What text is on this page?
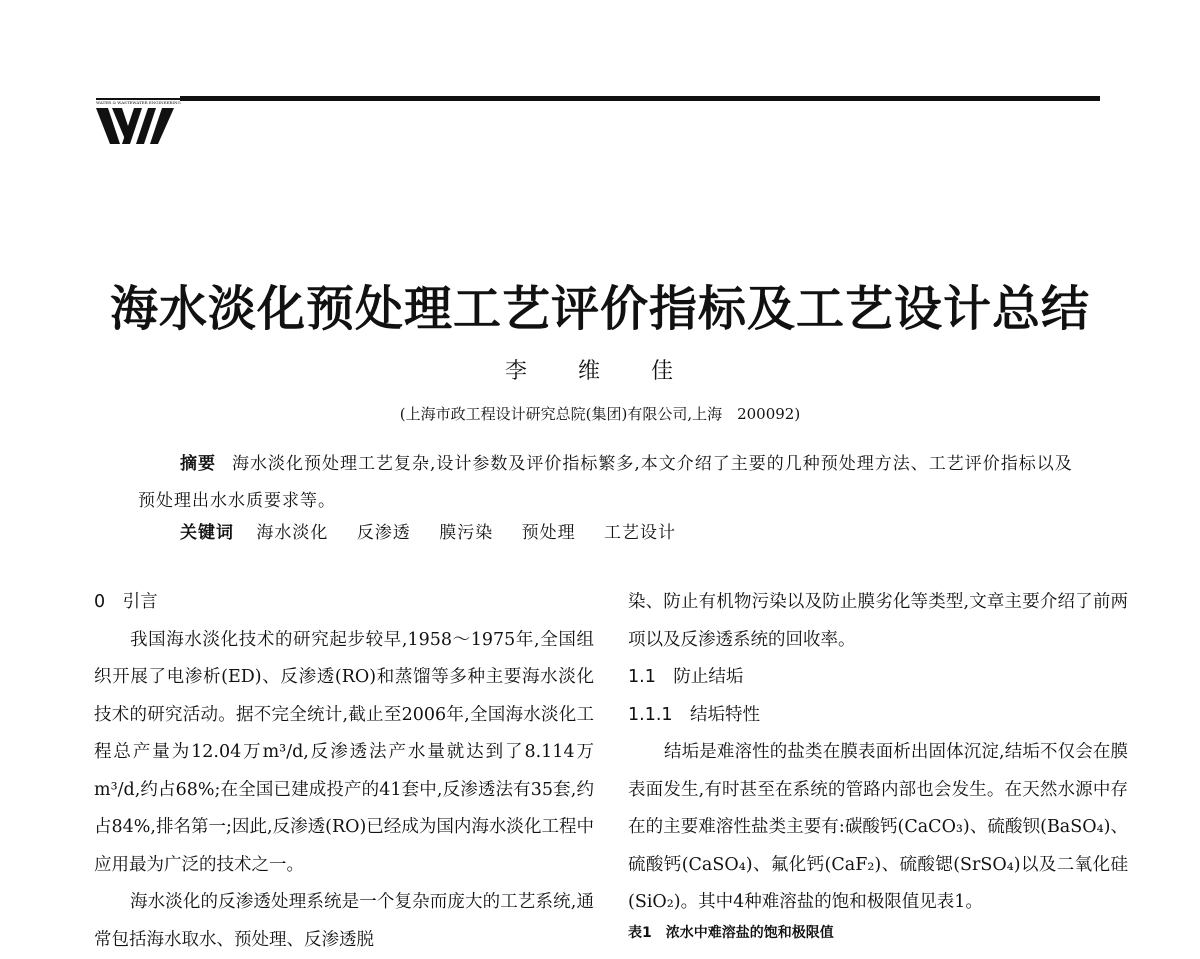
WATER & WASTEWATER ENGINEERING
海水淡化预处理工艺评价指标及工艺设计总结
李 维 佳
(上海市政工程设计研究总院(集团)有限公司,上海　200092)
摘要 海水淡化预处理工艺复杂,设计参数及评价指标繁多,本文介绍了主要的几种预处理方法、工艺评价指标以及预处理出水水质要求等。
关键词 海水淡化 反渗透 膜污染 预处理 工艺设计

0　引言

我国海水淡化技术的研究起步较早,1958～1975年,全国组织开展了电渗析(ED)、反渗透(RO)和蒸馏等多种主要海水淡化技术的研究活动。据不完全统计,截止至2006年,全国海水淡化工程总产量为12.04万m³/d,反渗透法产水量就达到了8.114万m³/d,约占68%;在全国已建成投产的41套中,反渗透法有35套,约占84%,排名第一;因此,反渗透(RO)已经成为国内海水淡化工程中应用最为广泛的技术之一。

海水淡化的反渗透处理系统是一个复杂而庞大的工艺系统,通常包括海水取水、预处理、反渗透脱

染、防止有机物污染以及防止膜劣化等类型,文章主要介绍了前两项以及反渗透系统的回收率。

1.1　防止结垢

1.1.1　结垢特性

结垢是难溶性的盐类在膜表面析出固体沉淀,结垢不仅会在膜表面发生,有时甚至在系统的管路内部也会发生。在天然水源中存在的主要难溶性盐类主要有:碳酸钙(CaCO₃)、硫酸钡(BaSO₄)、硫酸钙(CaSO₄)、氟化钙(CaF₂)、硫酸锶(SrSO₄)以及二氧化硅(SiO₂)。其中4种难溶盐的饱和极限值见表1。

表1　浓水中难溶盐的饱和极限值
